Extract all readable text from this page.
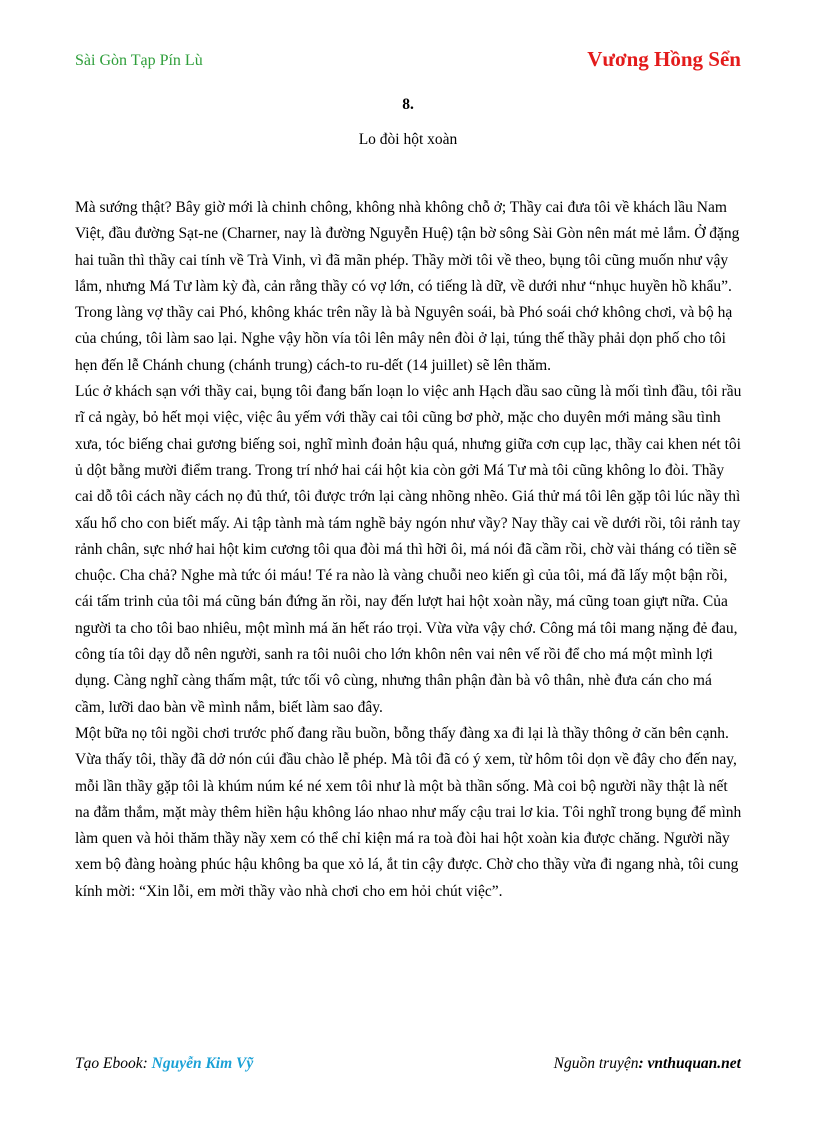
Sài Gòn Tạp Pín Lù	Vương Hồng Sển
8.
Lo đòi hột xoàn

Mà sướng thật? Bây giờ mới là chinh chông, không nhà không chỗ ở; Thầy cai đưa tôi về khách lầu Nam Việt, đầu đường Sạt-ne (Charner, nay là đường Nguyễn Huệ) tận bờ sông Sài Gòn nên mát mẻ lắm. Ở đặng hai tuần thì thầy cai tính về Trà Vinh, vì đã mãn phép. Thầy mời tôi về theo, bụng tôi cũng muốn như vậy lắm, nhưng Má Tư làm kỳ đà, cản rằng thầy có vợ lớn, có tiếng là dữ, về dưới như “nhục huyền hồ khẩu”. Trong làng vợ thầy cai Phó, không khác trên nầy là bà Nguyên soái, bà Phó soái chớ không chơi, và bộ hạ của chúng, tôi làm sao lại. Nghe vậy hồn vía tôi lên mây nên đòi ở lại, túng thế thầy phải dọn phố cho tôi hẹn đến lễ Chánh chung (chánh trung) cách-to ru-dết (14 juillet) sẽ lên thăm.

Lúc ở khách sạn với thầy cai, bụng tôi đang bấn loạn lo việc anh Hạch dầu sao cũng là mối tình đầu, tôi rầu rĩ cả ngày, bỏ hết mọi việc, việc âu yếm với thầy cai tôi cũng bơ phờ, mặc cho duyên mới mảng sầu tình xưa, tóc biếng chai gương biếng soi, nghĩ mình đoản hậu quá, nhưng giữa cơn cụp lạc, thầy cai khen nét tôi ủ dột bằng mười điểm trang. Trong trí nhớ hai cái hột kia còn gởi Má Tư mà tôi cũng không lo đòi. Thầy cai dỗ tôi cách nầy cách nọ đủ thứ, tôi được trớn lại càng nhõng nhẽo. Giá thử má tôi lên gặp tôi lúc nầy thì xấu hổ cho con biết mấy. Ai tập tành mà tám nghề bảy ngón như vầy? Nay thầy cai về dưới rồi, tôi rảnh tay rảnh chân, sực nhớ hai hột kim cương tôi qua đòi má thì hỡi ôi, má nói đã cầm rồi, chờ vài tháng có tiền sẽ chuộc. Cha chả? Nghe mà tức ói máu! Té ra nào là vàng chuỗi neo kiến gì của tôi, má đã lấy một bận rồi, cái tấm trinh của tôi má cũng bán đứng ăn rồi, nay đến lượt hai hột xoàn nầy, má cũng toan giựt nữa. Của người ta cho tôi bao nhiêu, một mình má ăn hết ráo trọi. Vừa vừa vậy chớ. Công má tôi mang nặng đẻ đau, công tía tôi dạy dỗ nên người, sanh ra tôi nuôi cho lớn khôn nên vai nên vế rồi để cho má một mình lợi dụng. Càng nghĩ càng thấm mật, tức tối vô cùng, nhưng thân phận đàn bà vô thân, nhè đưa cán cho má cầm, lưỡi dao bàn về mình nắm, biết làm sao đây.

Một bữa nọ tôi ngồi chơi trước phố đang rầu buồn, bỗng thấy đàng xa đi lại là thầy thông ở căn bên cạnh. Vừa thấy tôi, thầy đã dở nón cúi đầu chào lễ phép. Mà tôi đã có ý xem, từ hôm tôi dọn về đây cho đến nay, mỗi lần thầy gặp tôi là khúm núm ké né xem tôi như là một bà thần sống. Mà coi bộ người nầy thật là nết na đằm thắm, mặt mày thêm hiền hậu không láo nhao như mấy cậu trai lơ kia. Tôi nghĩ trong bụng để mình làm quen và hỏi thăm thầy nầy xem có thể chỉ kiện má ra toà đòi hai hột xoàn kia được chăng. Người nầy xem bộ đàng hoàng phúc hậu không ba que xỏ lá, ắt tin cậy được. Chờ cho thầy vừa đi ngang nhà, tôi cung kính mời: “Xin lỗi, em mời thầy vào nhà chơi cho em hỏi chút việc”.

Tạo Ebook: Nguyễn Kim Vỹ	Nguồn truyện: vnthuquan.net
